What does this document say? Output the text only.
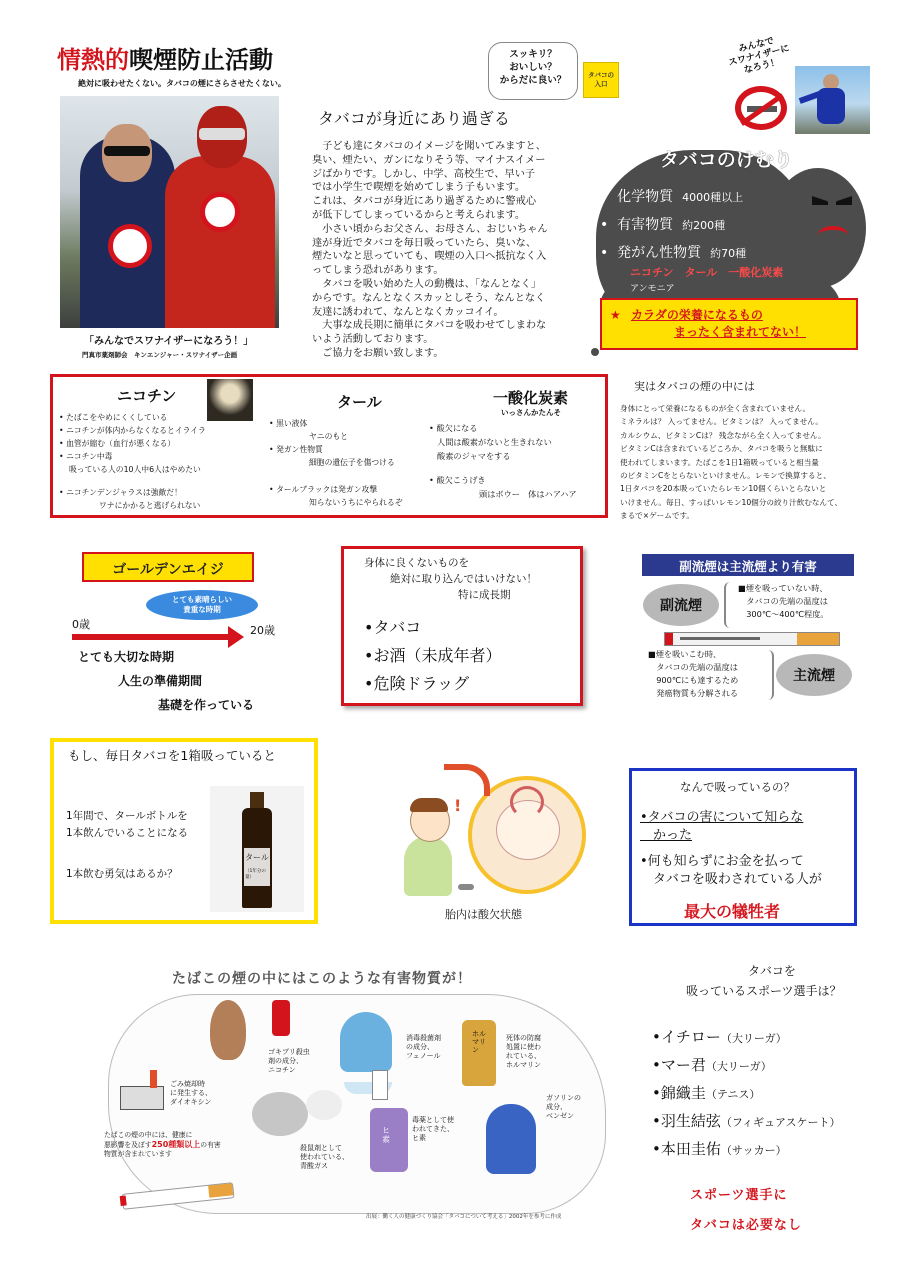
情熱的喫煙防止活動
絶対に吸わせたくない。タバコの煙にさらさせたくない。
「みんなでスワナイザーになろう！」
門真市薬剤師会　キンエンジャー・スワナイザー企画
スッキリ？
おいしい？
からだに良い？	タバコの
入口
タバコが身近にあり過ぎる
　子ども達にタバコのイメージを聞いてみますと、
臭い、煙たい、ガンになりそう等、マイナスイメー
ジばかりです。しかし、中学、高校生で、早い子
では小学生で喫煙を始めてしまう子もいます。
これは、タバコが身近にあり過ぎるために警戒心
が低下してしまっているからと考えられます。
　小さい頃からお父さん、お母さん、おじいちゃん
達が身近でタバコを毎日吸っていたら、臭いな、
煙たいなと思っていても、喫煙の入口へ抵抗なく入
ってしまう恐れがあります。
　タバコを吸い始めた人の動機は、「なんとなく」
からです。なんとなくスカッとしそう、なんとなく
友達に誘われて、なんとなくカッコイイ。
　大事な成長期に簡単にタバコを吸わせてしまわな
いよう活動しております。
　ご協力をお願い致します。
みんなで
スワナイザーに
なろう！
タバコのけむり
•  化学物質 4000種以上
•  有害物質 約200種
•  発がん性物質 約70種
ニコチン　タール　一酸化炭素
アンモニア
★ カラダの栄養になるもの
まったく含まれてない！
ニコチン
• たばこをやめにくくしている
• ニコチンが体内からなくなるとイライラ
• 血管が縮む（血行が悪くなる）
• ニコチン中毒
吸っている人の10人中6人はやめたい
• ニコチンデンジャラスは強敵だ！
ワナにかかると逃げられない
タール
• 黒い液体
ヤニのもと
• 発ガン性物質
細胞の遺伝子を傷つける
• タールブラックは発ガン攻撃
知らないうちにやられるぞ
一酸化炭素
いっさんかたんそ
• 酸欠になる
人間は酸素がないと生きれない
酸素のジャマをする
• 酸欠こうげき
頭はボウー　体はハアハア
実はタバコの煙の中には
身体にとって栄養になるものが全く含まれていません。
ミネラルは？ 入ってません。ビタミンは？ 入ってません。
カルシウム、ビタミンCは？ 残念ながら全く入ってません。
ビタミンCは含まれているどころか、タバコを吸うと無駄に
使われてしまいます。たばこを1日1箱吸っていると相当量
のビタミンCをとらないといけません。レモンで換算すると、
1日タバコを20本吸っていたらレモン10個くらいとらないと
いけません。毎日、すっぱいレモン10個分の絞り汁飲むなんて、
まるで×ゲームです。
ゴールデンエイジ
とても素晴らしい
貴重な時期
0歳	20歳
とても大切な時期
人生の準備期間
基礎を作っている
身体に良くないものを
絶対に取り込んではいけない！
特に成長期
•タバコ
•お酒（未成年者）
•危険ドラッグ
副流煙は主流煙より有害
副流煙
■煙を吸っていない時、
　タバコの先端の温度は
　300℃〜400℃程度。
■煙を吸いこむ時、
　タバコの先端の温度は
　900℃にも達するため
　発癌物質も分解される
主流煙
もし、毎日タバコを1箱吸っていると
1年間で、タールボトルを
1本飲んでいることになる
1本飲む勇気はあるか？
タール
（1年分の量）
!
胎内は酸欠状態
なんで吸っているの？
•タバコの害について知らな
　かった
•何も知らずにお金を払って
　タバコを吸わされている人が
最大の犠牲者
たばこの煙の中にはこのような有害物質が！
ごみ焼却時
に発生する、
ダイオキシン
ゴキブリ殺虫
剤の成分、
ニコチン
消毒殺菌剤
の成分、
フェノール
ホルマリン
死体の防腐
処置に使わ
れている、
ホルマリン
殺鼠剤として
使われている、
青酸ガス
ヒ素
毒薬として使
われてきた、
ヒ素
ガソリンの
成分、
ベンゼン
たばこの煙の中には、健康に
悪影響を及ぼす250種類以上の有害物質が含まれています
出展：働く人の健康づくり協会「タバコについて考える」2002年を参考に作成
タバコを
吸っているスポーツ選手は？
•イチロー（大リーガ）
•マー君（大リーガ）
•錦織圭（テニス）
•羽生結弦（フィギュアスケート）
•本田圭佑（サッカー）
スポーツ選手に
タバコは必要なし
